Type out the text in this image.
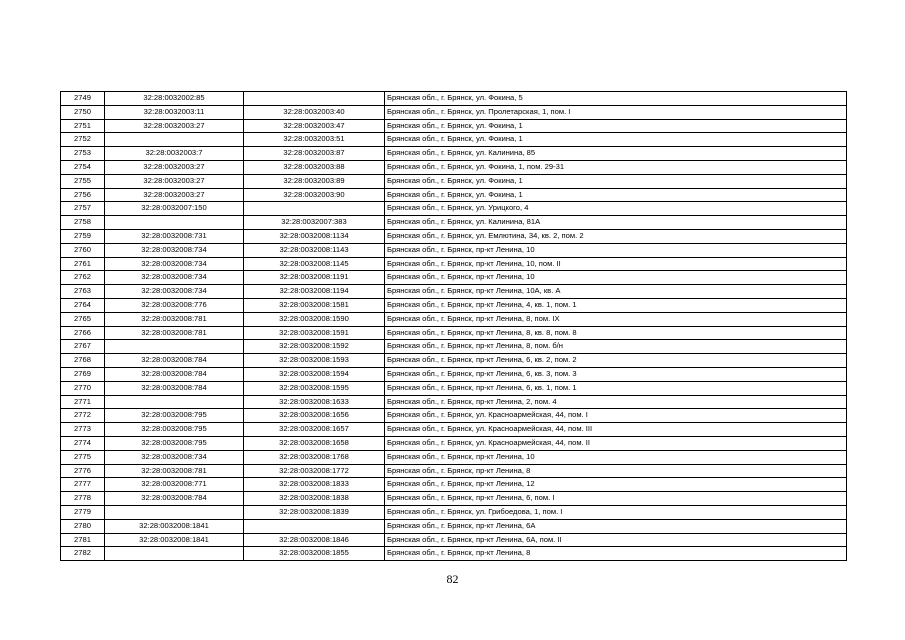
2749	32:28:0032002:85		Брянская обл., г. Брянск, ул. Фокина, 5
2750	32:28:0032003:11	32:28:0032003:40	Брянская обл., г. Брянск, ул. Пролетарская, 1, пом. I
2751	32:28:0032003:27	32:28:0032003:47	Брянская обл., г. Брянск, ул. Фокина, 1
2752		32:28:0032003:51	Брянская обл., г. Брянск, ул. Фокина, 1
2753	32:28:0032003:7	32:28:0032003:87	Брянская обл., г. Брянск, ул. Калинина, 85
2754	32:28:0032003:27	32:28:0032003:88	Брянская обл., г. Брянск, ул. Фокина, 1, пом. 29-31
2755	32:28:0032003:27	32:28:0032003:89	Брянская обл., г. Брянск, ул. Фокина, 1
2756	32:28:0032003:27	32:28:0032003:90	Брянская обл., г. Брянск, ул. Фокина, 1
2757	32:28:0032007:150		Брянская обл., г. Брянск, ул. Урицкого, 4
2758		32:28:0032007:383	Брянская обл., г. Брянск, ул. Калинина, 81А
2759	32:28:0032008:731	32:28:0032008:1134	Брянская обл., г. Брянск, ул. Емлютина, 34, кв. 2, пом. 2
2760	32:28:0032008:734	32:28:0032008:1143	Брянская обл., г. Брянск, пр-кт Ленина, 10
2761	32:28:0032008:734	32:28:0032008:1145	Брянская обл., г. Брянск, пр-кт Ленина, 10, пом. II
2762	32:28:0032008:734	32:28:0032008:1191	Брянская обл., г. Брянск, пр-кт Ленина, 10
2763	32:28:0032008:734	32:28:0032008:1194	Брянская обл., г. Брянск, пр-кт Ленина, 10А, кв. А
2764	32:28:0032008:776	32:28:0032008:1581	Брянская обл., г. Брянск, пр-кт Ленина, 4, кв. 1, пом. 1
2765	32:28:0032008:781	32:28:0032008:1590	Брянская обл., г. Брянск, пр-кт Ленина, 8, пом. IX
2766	32:28:0032008:781	32:28:0032008:1591	Брянская обл., г. Брянск, пр-кт Ленина, 8, кв. 8, пом. 8
2767		32:28:0032008:1592	Брянская обл., г. Брянск, пр-кт Ленина, 8, пом. б/н
2768	32:28:0032008:784	32:28:0032008:1593	Брянская обл., г. Брянск, пр-кт Ленина, 6, кв. 2, пом. 2
2769	32:28:0032008:784	32:28:0032008:1594	Брянская обл., г. Брянск, пр-кт Ленина, 6, кв. 3, пом. 3
2770	32:28:0032008:784	32:28:0032008:1595	Брянская обл., г. Брянск, пр-кт Ленина, 6, кв. 1, пом. 1
2771		32:28:0032008:1633	Брянская обл., г. Брянск, пр-кт Ленина, 2, пом. 4
2772	32:28:0032008:795	32:28:0032008:1656	Брянская обл., г. Брянск, ул. Красноармейская, 44, пом. I
2773	32:28:0032008:795	32:28:0032008:1657	Брянская обл., г. Брянск, ул. Красноармейская, 44, пом. III
2774	32:28:0032008:795	32:28:0032008:1658	Брянская обл., г. Брянск, ул. Красноармейская, 44, пом. II
2775	32:28:0032008:734	32:28:0032008:1768	Брянская обл., г. Брянск, пр-кт Ленина, 10
2776	32:28:0032008:781	32:28:0032008:1772	Брянская обл., г. Брянск, пр-кт Ленина, 8
2777	32:28:0032008:771	32:28:0032008:1833	Брянская обл., г. Брянск, пр-кт Ленина, 12
2778	32:28:0032008:784	32:28:0032008:1838	Брянская обл., г. Брянск, пр-кт Ленина, 6, пом. I
2779		32:28:0032008:1839	Брянская обл., г. Брянск, ул. Грибоедова, 1, пом. I
2780	32:28:0032008:1841		Брянская обл., г. Брянск, пр-кт Ленина, 6А
2781	32:28:0032008:1841	32:28:0032008:1846	Брянская обл., г. Брянск, пр-кт Ленина, 6А, пом. II
2782		32:28:0032008:1855	Брянская обл., г. Брянск, пр-кт Ленина, 8
82
